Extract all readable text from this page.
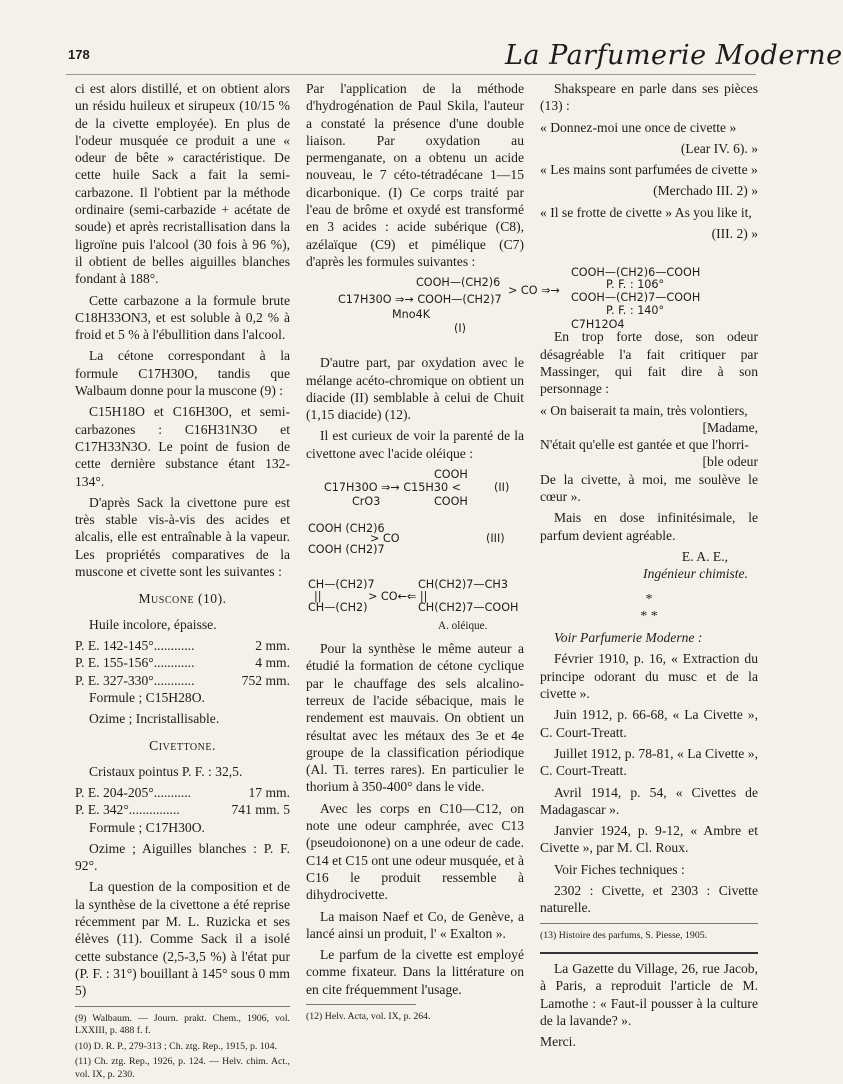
178	La Parfumerie Moderne

ci est alors distillé, et on obtient alors un résidu huileux et sirupeux (10/15 % de la civette employée). En plus de l'odeur musquée ce produit a une « odeur de bête » caractéristique. De cette huile Sack a fait la semi-carbazone. Il l'obtient par la méthode ordinaire (semi-carbazide + acétate de soude) et après recristallisation dans la ligroïne puis l'alcool (30 fois à 96 %), il obtient de belles aiguilles blanches fondant à 188°.

Cette carbazone a la formule brute C18H33ON3, et est soluble à 0,2 % à froid et 5 % à l'ébullition dans l'alcool.

La cétone correspondant à la formule C17H30O, tandis que Walbaum donne pour la muscone (9) :

C15H18O et C16H30O, et semi-carbazones : C16H31N3O et C17H33N3O. Le point de fusion de cette dernière substance étant 132-134°.

D'après Sack la civettone pure est très stable vis-à-vis des acides et alcalis, elle est entraînable à la vapeur. Les propriétés comparatives de la muscone et civette sont les suivantes :

Muscone (10).

Huile incolore, épaisse.

P. E. 142-145°............	2 mm.
P. E. 155-156°............	4 mm.
P. E. 327-330°............	752 mm.

Formule ; C15H28O.

Ozime ; Incristallisable.

Civettone.

Cristaux pointus P. F. : 32,5.

P. E. 204-205°...........	17 mm.
P. E. 342°...............	741 mm. 5

Formule ; C17H30O.

Ozime ; Aiguilles blanches : P. F. 92°.

La question de la composition et de la synthèse de la civettone a été reprise récemment par M. L. Ruzicka et ses élèves (11). Comme Sack il a isolé cette substance (2,5-3,5 %) à l'état pur (P. F. : 31°) bouillant à 145° sous 0 mm 5)

(9) Walbaum. — Journ. prakt. Chem., 1906, vol. LXXIII, p. 488 f. f.
(10) D. R. P., 279-313 ; Ch. ztg. Rep., 1915, p. 104.
(11) Ch. ztg. Rep., 1926, p. 124. — Helv. chim. Act., vol. IX, p. 230.

Par l'application de la méthode d'hydrogénation de Paul Skila, l'auteur a constaté la présence d'une double liaison. Par oxydation au permenganate, on a obtenu un acide nouveau, le 7 céto-tétradécane 1—15 dicarbonique. (I) Ce corps traité par l'eau de brôme et oxydé est transformé en 3 acides : acide subérique (C8), azélaïque (C9) et pimélique (C7) d'après les formules suivantes :

COOH—(CH2)6
C17H30O ⇒→ COOH—(CH2)7
Mno4K
(I)
> CO ⇒→
COOH—(CH2)6—COOH
P. F. : 106°
COOH—(CH2)7—COOH
P. F. : 140°
C7H12O4

D'autre part, par oxydation avec le mélange acéto-chromique on obtient un diacide (II) semblable à celui de Chuit (1,15 diacide) (12).

Il est curieux de voir la parenté de la civettone avec l'acide oléique :

COOH
C17H30O ⇒→ C15H30 <
CrO3	COOH
(II)
COOH (CH2)6
> CO
COOH (CH2)7
(III)
CH—(CH2)7	CH(CH2)7—CH3
||	> CO←⇐ ||
CH—(CH2)	CH(CH2)7—COOH
A. oléique.

Pour la synthèse le même auteur a étudié la formation de cétone cyclique par le chauffage des sels alcalino-terreux de l'acide sébacique, mais le rendement est mauvais. On obtient un résultat avec les métaux des 3e et 4e groupe de la classification périodique (Al. Ti. terres rares). En particulier le thorium à 350-400° dans le vide.

Avec les corps en C10—C12, on note une odeur camphrée, avec C13 (pseudoionone) on a une odeur de cade. C14 et C15 ont une odeur musquée, et à C16 le produit ressemble à dihydrocivette.

La maison Naef et Co, de Genève, a lancé ainsi un produit, l' « Exalton ».

Le parfum de la civette est employé comme fixateur. Dans la littérature on en cite fréquemment l'usage.

(12) Helv. Acta, vol. IX, p. 264.

Shakspeare en parle dans ses pièces (13) :

« Donnez-moi une once de civette »

(Lear IV. 6). »

« Les mains sont parfumées de civette »

(Merchado III. 2) »

« Il se frotte de civette » As you like it,

(III. 2) »

En trop forte dose, son odeur désagréable l'a fait critiquer par Massinger, qui fait dire à son personnage :

« On baiserait ta main, très volontiers,

[Madame,

N'était qu'elle est gantée et que l'horri-

[ble odeur

De la civette, à moi, me soulève le cœur ».

Mais en dose infinitésimale, le parfum devient agréable.

E. A. E.,

Ingénieur chimiste.

*
* *

Voir Parfumerie Moderne :

Février 1910, p. 16, « Extraction du principe odorant du musc et de la civette ».

Juin 1912, p. 66-68, « La Civette », C. Court-Treatt.

Juillet 1912, p. 78-81, « La Civette », C. Court-Treatt.

Avril 1914, p. 54, « Civettes de Madagascar ».

Janvier 1924, p. 9-12, « Ambre et Civette », par M. Cl. Roux.

Voir Fiches techniques :

2302 : Civette, et 2303 : Civette naturelle.

(13) Histoire des parfums, S. Piesse, 1905.

La Gazette du Village, 26, rue Jacob, à Paris, a reproduit l'article de M. Lamothe : « Faut-il pousser à la culture de la lavande? ».

Merci.
